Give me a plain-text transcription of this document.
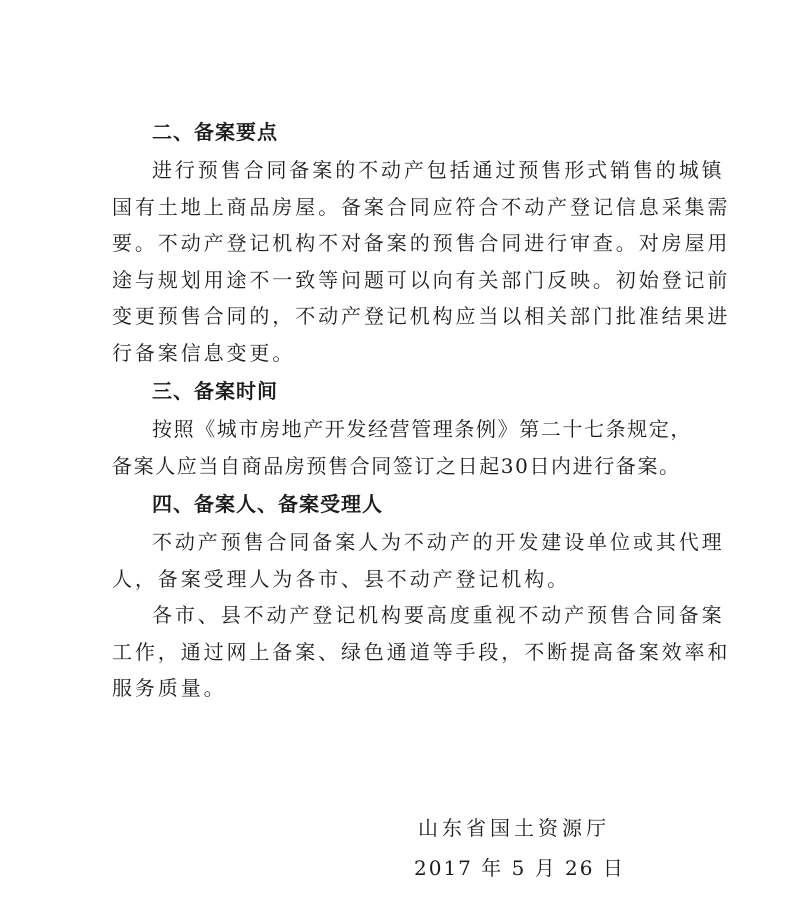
二、备案要点

进行预售合同备案的不动产包括通过预售形式销售的城镇
国有土地上商品房屋。备案合同应符合不动产登记信息采集需
要。不动产登记机构不对备案的预售合同进行审查。对房屋用
途与规划用途不一致等问题可以向有关部门反映。初始登记前
变更预售合同的，不动产登记机构应当以相关部门批准结果进
行备案信息变更。

三、备案时间

按照《城市房地产开发经营管理条例》第二十七条规定，
备案人应当自商品房预售合同签订之日起30日内进行备案。

四、备案人、备案受理人

不动产预售合同备案人为不动产的开发建设单位或其代理
人，备案受理人为各市、县不动产登记机构。

各市、县不动产登记机构要高度重视不动产预售合同备案
工作，通过网上备案、绿色通道等手段，不断提高备案效率和
服务质量。

山东省国土资源厅
2017 年 5 月 26 日
